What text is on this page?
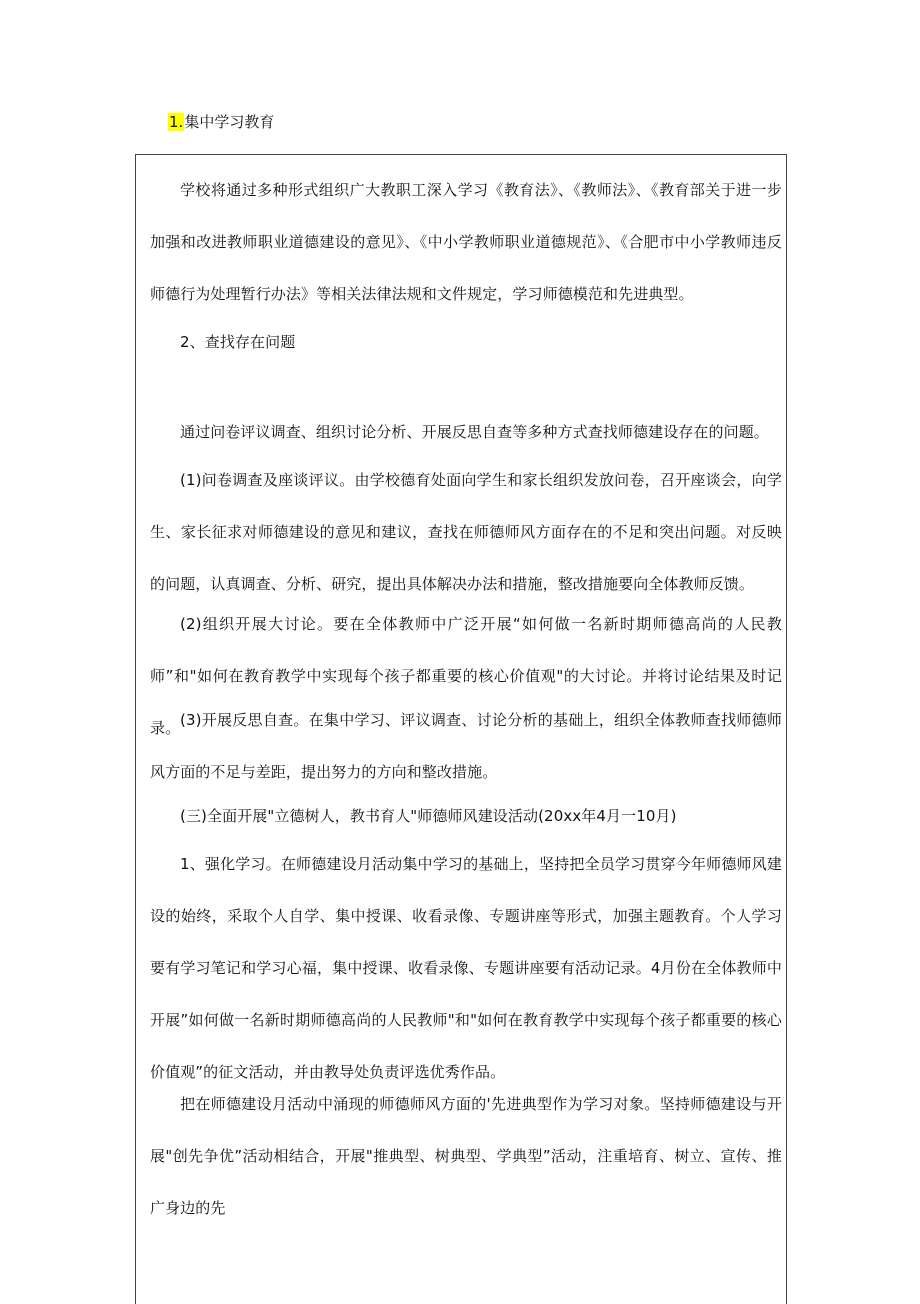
1.集中学习教育

学校将通过多种形式组织广大教职工深入学习《教育法》、《教师法》、《教育部关于进一步加强和改进教师职业道德建设的意见》、《中小学教师职业道德规范》、《合肥市中小学教师违反师德行为处理暂行办法》等相关法律法规和文件规定，学习师德模范和先进典型。

2、查找存在问题

通过问卷评议调查、组织讨论分析、开展反思自查等多种方式查找师德建设存在的问题。

(1)问卷调查及座谈评议。由学校德育处面向学生和家长组织发放问卷，召开座谈会，向学生、家长征求对师德建设的意见和建议，查找在师德师风方面存在的不足和突出问题。对反映的问题，认真调查、分析、研究，提出具体解决办法和措施，整改措施要向全体教师反馈。

(2)组织开展大讨论。要在全体教师中广泛开展“如何做一名新时期师德高尚的人民教师”和"如何在教育教学中实现每个孩子都重要的核心价值观"的大讨论。并将讨论结果及时记录。 (3)开展反思自查。在集中学习、评议调查、讨论分析的基础上，组织全体教师查找师德师风方面的不足与差距，提出努力的方向和整改措施。

(三)全面开展"立德树人，教书育人"师德师风建设活动(20xx年4月一10月)

1、强化学习。在师德建设月活动集中学习的基础上，坚持把全员学习贯穿今年师德师风建设的始终，采取个人自学、集中授课、收看录像、专题讲座等形式，加强主题教育。个人学习要有学习笔记和学习心福，集中授课、收看录像、专题讲座要有活动记录。4月份在全体教师中开展”如何做一名新时期师德高尚的人民教师"和"如何在教育教学中实现每个孩子都重要的核心价值观”的征文活动，并由教导处负责评选优秀作品。

把在师德建设月活动中涌现的师德师风方面的'先进典型作为学习对象。坚持师德建设与开展"创先争优”活动相结合，开展"推典型、树典型、学典型”活动，注重培育、树立、宣传、推广身边的先
